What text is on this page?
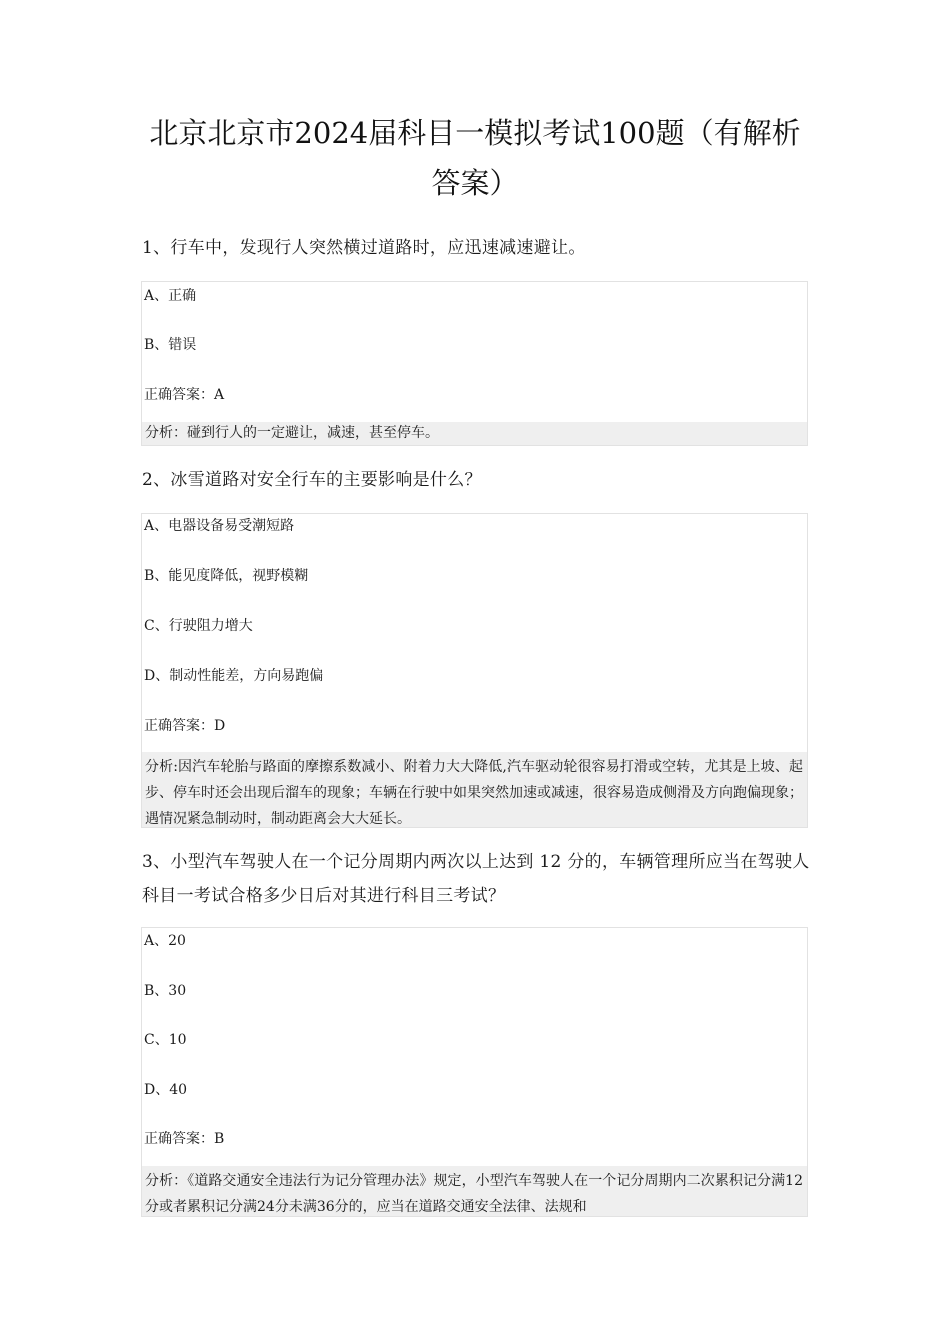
北京北京市2024届科目一模拟考试100题（有解析
答案）
1、行车中，发现行人突然横过道路时，应迅速减速避让。
A、正确
B、错误
正确答案：A
分析：碰到行人的一定避让，减速，甚至停车。
2、冰雪道路对安全行车的主要影响是什么？
A、电器设备易受潮短路
B、能见度降低，视野模糊
C、行驶阻力增大
D、制动性能差，方向易跑偏
正确答案：D
分析:因汽车轮胎与路面的摩擦系数减小、附着力大大降低,汽车驱动轮很容易打滑或空转，尤其是上坡、起步、停车时还会出现后溜车的现象；车辆在行驶中如果突然加速或减速，很容易造成侧滑及方向跑偏现象；遇情况紧急制动时，制动距离会大大延长。
3、小型汽车驾驶人在一个记分周期内两次以上达到 12 分的，车辆管理所应当在驾驶人科目一考试合格多少日后对其进行科目三考试？
A、20
B、30
C、10
D、40
正确答案：B
分析：《道路交通安全违法行为记分管理办法》规定，小型汽车驾驶人在一个记分周期内二次累积记分满12分或者累积记分满24分未满36分的，应当在道路交通安全法律、法规和
